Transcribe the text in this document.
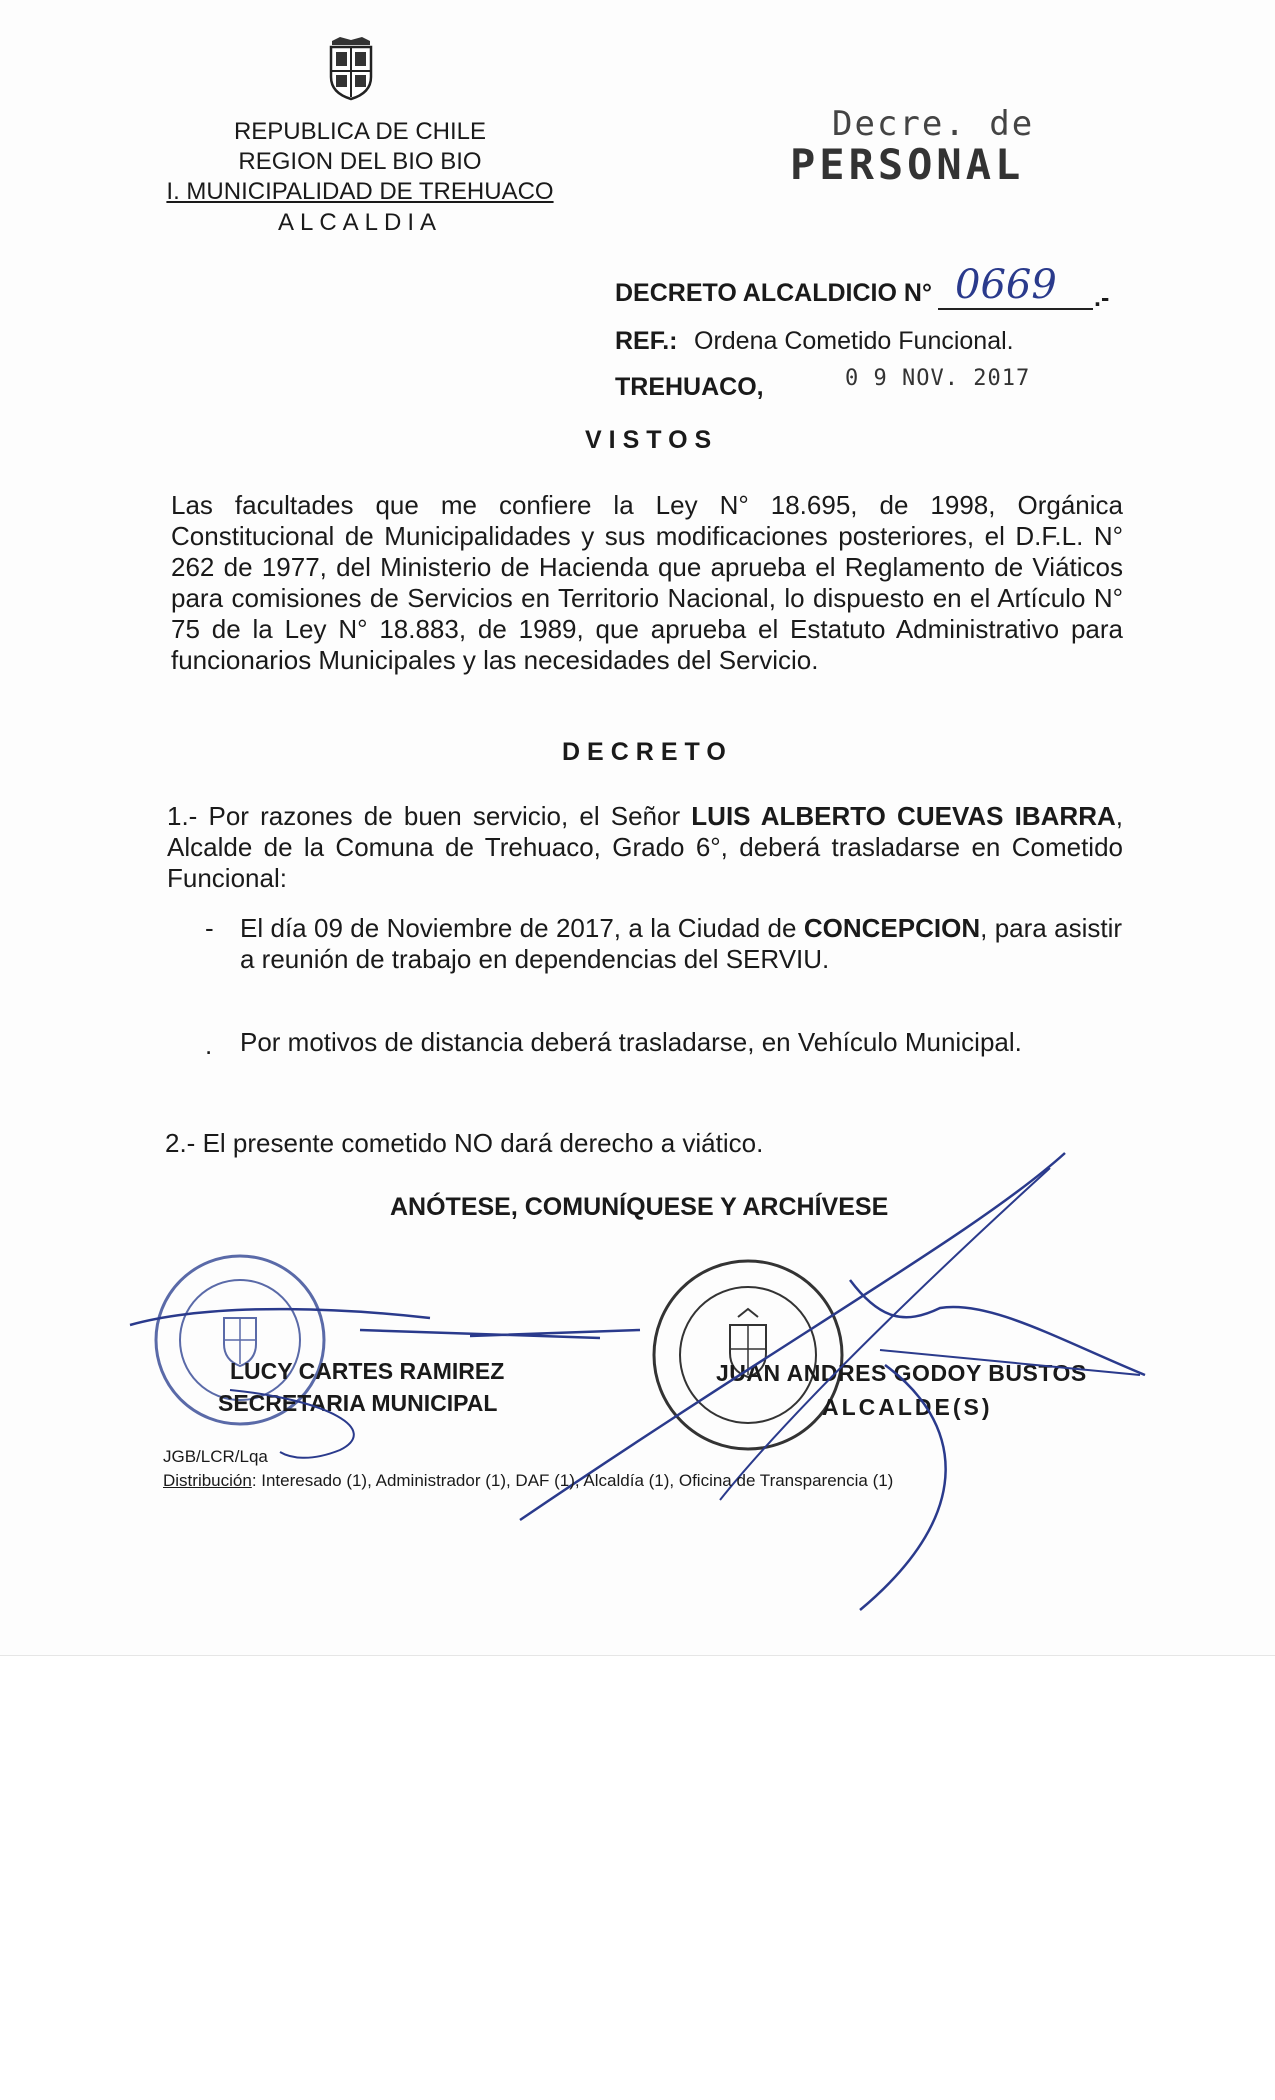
REPUBLICA DE CHILE
REGION DEL BIO BIO
I. MUNICIPALIDAD DE TREHUACO
ALCALDIA
Decre. de
PERSONAL
DECRETO ALCALDICIO N° 0669 .-
REF.: Ordena Cometido Funcional.
TREHUACO,	0 9 NOV. 2017
VISTOS
Las facultades que me confiere la Ley N° 18.695, de 1998, Orgánica Constitucional de Municipalidades y sus modificaciones posteriores, el D.F.L. N° 262 de 1977, del Ministerio de Hacienda que aprueba el Reglamento de Viáticos para comisiones de Servicios en Territorio Nacional, lo dispuesto en el Artículo N° 75 de la Ley N° 18.883, de 1989, que aprueba el Estatuto Administrativo para funcionarios Municipales y las necesidades del Servicio.
DECRETO
1.- Por razones de buen servicio, el Señor LUIS ALBERTO CUEVAS IBARRA, Alcalde de la Comuna de Trehuaco, Grado 6°, deberá trasladarse en Cometido Funcional:
- El día 09 de Noviembre de 2017, a la Ciudad de CONCEPCION, para asistir a reunión de trabajo en dependencias del SERVIU.
. Por motivos de distancia deberá trasladarse, en Vehículo Municipal.
2.- El presente cometido NO dará derecho a viático.
ANÓTESE, COMUNÍQUESE Y ARCHÍVESE
LUCY CARTES RAMIREZ
SECRETARIA MUNICIPAL
JUAN ANDRES GODOY BUSTOS
ALCALDE(S)
JGB/LCR/Lqa
Distribución: Interesado (1), Administrador (1), DAF (1), Alcaldía (1), Oficina de Transparencia (1)
